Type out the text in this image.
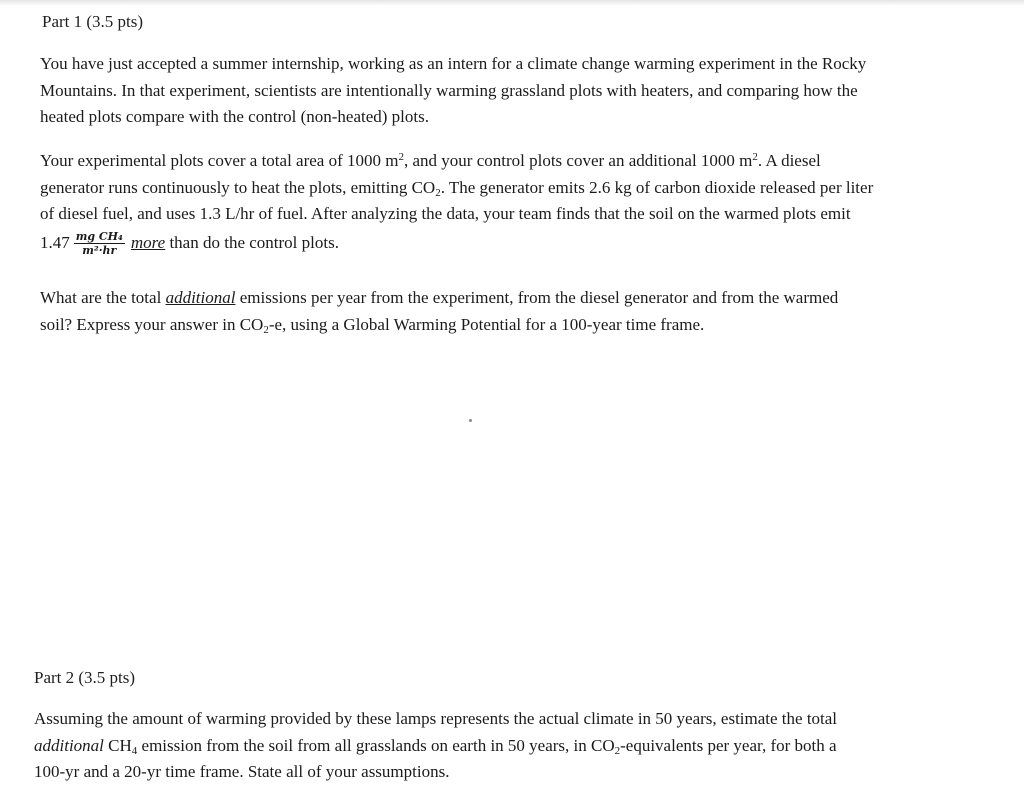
Part 1 (3.5 pts)
You have just accepted a summer internship, working as an intern for a climate change warming experiment in the Rocky
Mountains. In that experiment, scientists are intentionally warming grassland plots with heaters, and comparing how the
heated plots compare with the control (non-heated) plots.
Your experimental plots cover a total area of 1000 $m^2$, and your control plots cover an additional 1000 $m^2$. A diesel
generator runs continuously to heat the plots, emitting $CO_2$. The generator emits 2.6 kg of carbon dioxide released per liter
of diesel fuel, and uses 1.3 L/hr of fuel. After analyzing the data, your team finds that the soil on the warmed plots emit
$1.47 \frac{\text{mg CH₄}}{\text{m²·hr}}$ more than do the control plots.
What are the total additional emissions per year from the experiment, from the diesel generator and from the warmed
soil? Express your answer in $CO_2-e$, using a Global Warming Potential for a 100-year time frame.
Part 2 (3.5 pts)
Assuming the amount of warming provided by these lamps represents the actual climate in 50 years, estimate the total
additional $CH_4$ emission from the soil from all grasslands on earth in 50 years, in $CO_2$-equivalents per year, for both a
100-yr and a 20-yr time frame. State all of your assumptions.
